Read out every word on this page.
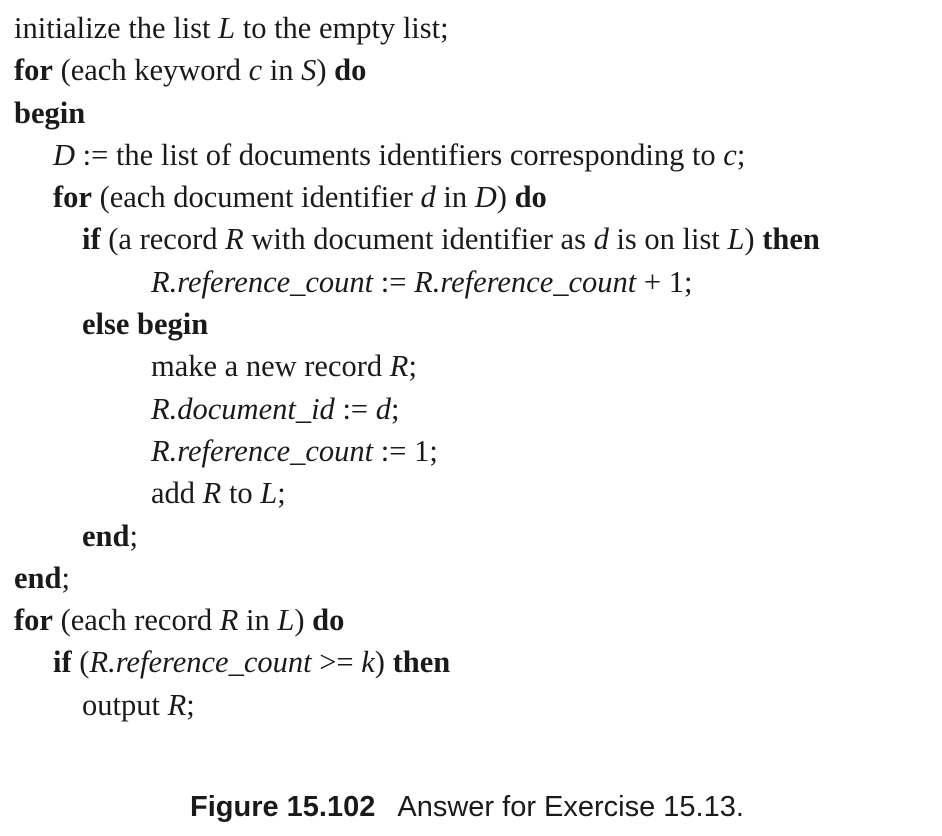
initialize the list L to the empty list;
for (each keyword c in S) do
begin
D := the list of documents identifiers corresponding to c;
for (each document identifier d in D) do
if (a record R with document identifier as d is on list L) then
R.reference_count := R.reference_count + 1;
else begin
make a new record R;
R.document_id := d;
R.reference_count := 1;
add R to L;
end;
end;
for (each record R in L) do
if (R.reference_count >= k) then
output R;
Figure 15.102 Answer for Exercise 15.13.
